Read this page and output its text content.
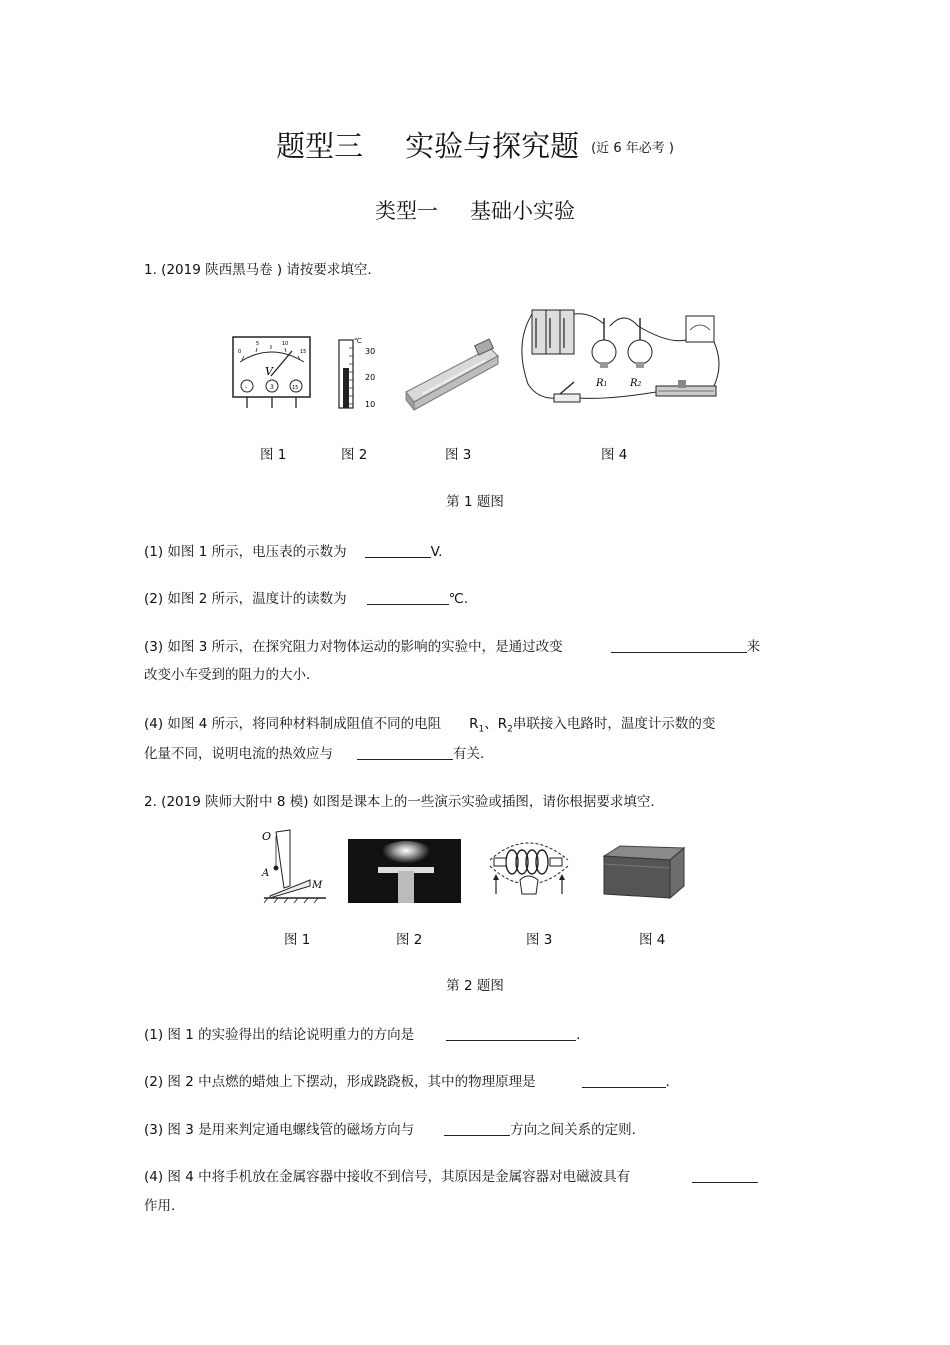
题型三 实验与探究题 $^{(近 6 年必考 )}$
类型一 基础小实验
1. (2019 陕西黑马卷 ) 请按要求填空.
0
5	10
15
V
-	3	15
℃
30
20
10
R1 R2
图 1	图 2	图 3	图 4
第 1 题图
(1) 如图 1 所示，电压表的示数为	V.
(2) 如图 2 所示，温度计的读数为	℃.
(3) 如图 3 所示，在探究阻力对物体运动的影响的实验中，是通过改变	来
改变小车受到的阻力的大小.
(4) 如图 4 所示，将同种材料制成阻值不同的电阻 $R_1$、$R_2$串联接入电路时，温度计示数的变
化量不同，说明电流的热效应与	有关.
2. (2019 陕师大附中 8 模) 如图是课本上的一些演示实验或插图，请你根据要求填空.
O
A
M
图 1	图 2	图 3	图 4
第 2 题图
(1) 图 1 的实验得出的结论说明重力的方向是	.
(2) 图 2 中点燃的蜡烛上下摆动，形成跷跷板，其中的物理原理是	.
(3) 图 3 是用来判定通电螺线管的磁场方向与	方向之间关系的定则.
(4) 图 4 中将手机放在金属容器中接收不到信号，其原因是金属容器对电磁波具有
作用.
